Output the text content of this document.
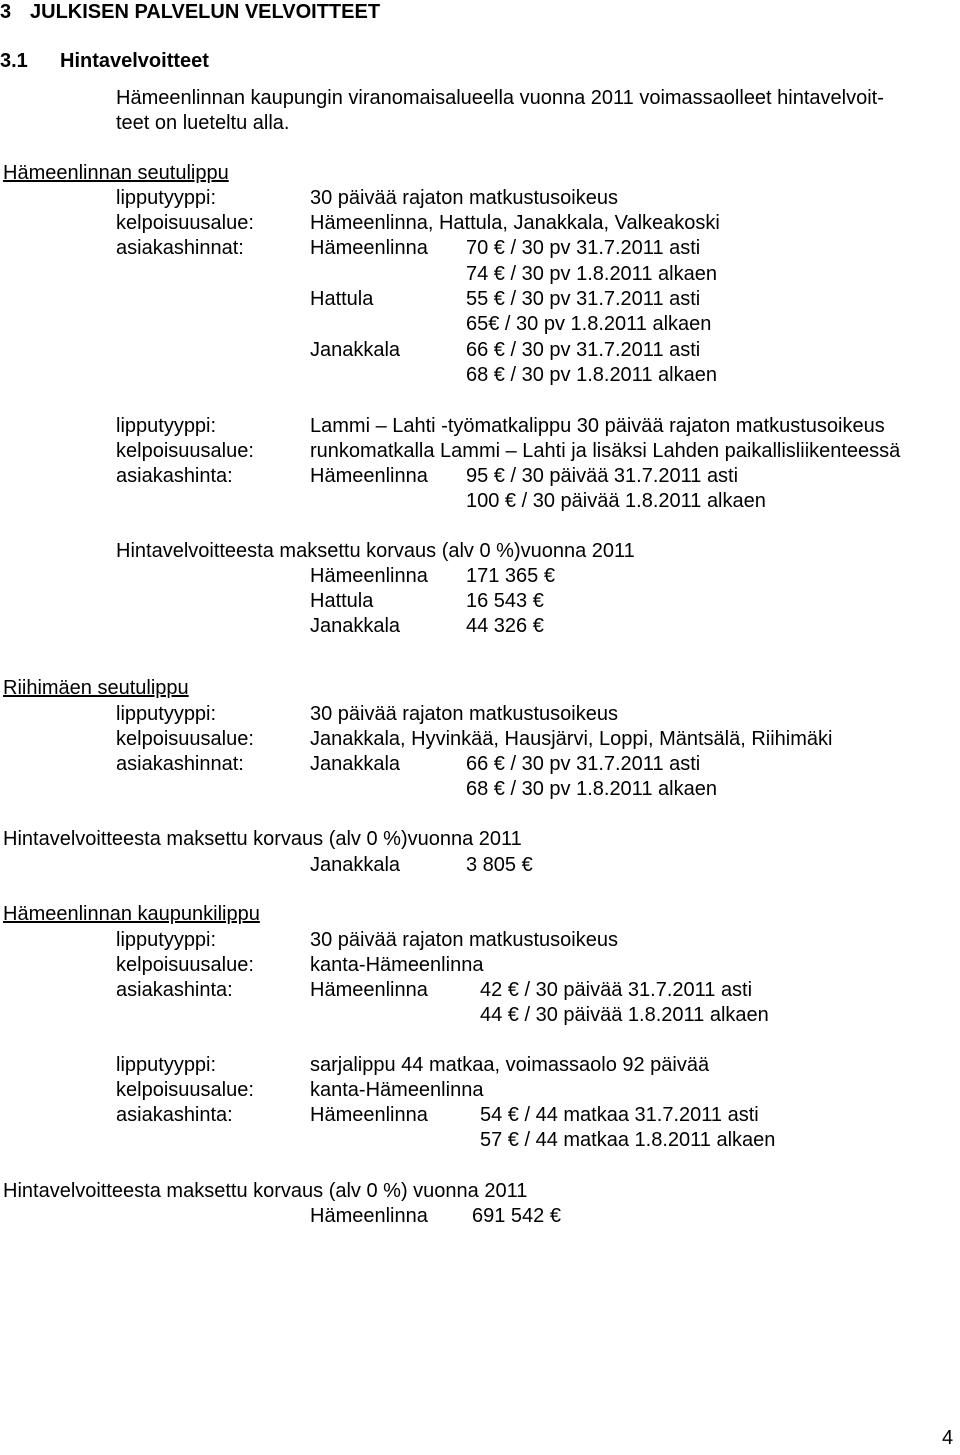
3 JULKISEN PALVELUN VELVOITTEET
3.1 Hintavelvoitteet
Hämeenlinnan kaupungin viranomaisalueella vuonna 2011 voimassaolleet hintavelvoit-
teet on lueteltu alla.
Hämeenlinnan seutulippu
lipputyyppi:	30 päivää rajaton matkustusoikeus
kelpoisuusalue:	Hämeenlinna, Hattula, Janakkala, Valkeakoski
asiakashinnat:	Hämeenlinna 70 € / 30 pv 31.7.2011 asti
74 € / 30 pv 1.8.2011 alkaen
Hattula	55 € / 30 pv 31.7.2011 asti
65€ / 30 pv 1.8.2011 alkaen
Janakkala	66 € / 30 pv 31.7.2011 asti
68 € / 30 pv 1.8.2011 alkaen
lipputyyppi:	Lammi – Lahti -työmatkalippu 30 päivää rajaton matkustusoikeus
kelpoisuusalue:	runkomatkalla Lammi – Lahti ja lisäksi Lahden paikallisliikenteessä
asiakashinta:	Hämeenlinna 95 € / 30 päivää 31.7.2011 asti
100 € / 30 päivää 1.8.2011 alkaen
Hintavelvoitteesta maksettu korvaus (alv 0 %)vuonna 2011
Hämeenlinna 171 365 €
Hattula	16 543 €
Janakkala	44 326 €
Riihimäen seutulippu
lipputyyppi:	30 päivää rajaton matkustusoikeus
kelpoisuusalue:	Janakkala, Hyvinkää, Hausjärvi, Loppi, Mäntsälä, Riihimäki
asiakashinnat:	Janakkala	66 € / 30 pv 31.7.2011 asti
68 € / 30 pv 1.8.2011 alkaen
Hintavelvoitteesta maksettu korvaus (alv 0 %)vuonna 2011
Janakkala	3 805 €
Hämeenlinnan kaupunkilippu
lipputyyppi:	30 päivää rajaton matkustusoikeus
kelpoisuusalue:	kanta-Hämeenlinna
asiakashinta:	Hämeenlinna	42 € / 30 päivää 31.7.2011 asti
44 € / 30 päivää 1.8.2011 alkaen
lipputyyppi:	sarjalippu 44 matkaa, voimassaolo 92 päivää
kelpoisuusalue:	kanta-Hämeenlinna
asiakashinta:	Hämeenlinna	54 € / 44 matkaa 31.7.2011 asti
57 € / 44 matkaa 1.8.2011 alkaen
Hintavelvoitteesta maksettu korvaus (alv 0 %) vuonna 2011
Hämeenlinna 691 542 €
4
